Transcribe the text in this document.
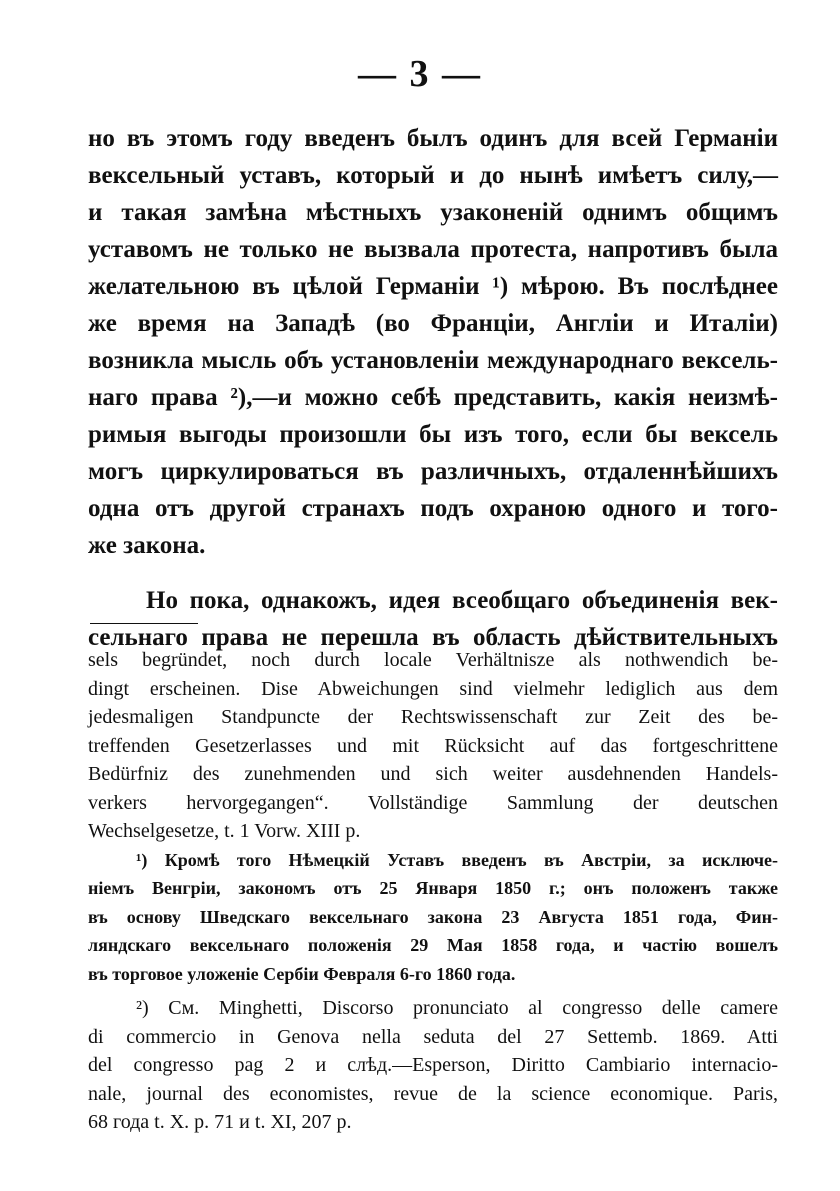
— 3 —
но въ этомъ году введенъ былъ одинъ для всей Германіи
вексельный уставъ, который и до нынѣ имѣетъ силу,—
и такая замѣна мѣстныхъ узаконеній однимъ общимъ
уставомъ не только не вызвала протеста, напротивъ была
желательною въ цѣлой Германіи ¹) мѣрою. Въ послѣднее
же время на Западѣ (во Франціи, Англіи и Италіи)
возникла мысль объ установленіи международнаго вексель-
наго права ²),—и можно себѣ представить, какія неизмѣ-
римыя выгоды произошли бы изъ того, если бы вексель
могъ циркулироваться въ различныхъ, отдаленнѣйшихъ
одна отъ другой странахъ подъ охраною одного и того-
же закона.
Но пока, однакожъ, идея всеобщаго объединенія век-
сельнаго права не перешла въ область дѣйствительныхъ
sels begründet, noch durch locale Verhältnisze als nothwendich be-
dingt erscheinen. Dise Abweichungen sind vielmehr lediglich aus dem
jedesmaligen Standpuncte der Rechtswissenschaft zur Zeit des be-
treffenden Gesetzerlasses und mit Rücksicht auf das fortgeschrittene
Bedürfniz des zunehmenden und sich weiter ausdehnenden Handels-
verkers hervorgegangen“. Vollständige Sammlung der deutschen
Wechselgesetze, t. 1 Vorw. XIII p.
¹) Кромѣ того Нѣмецкій Уставъ введенъ въ Австріи, за исключе-
ніемъ Венгріи, закономъ отъ 25 Января 1850 г.; онъ положенъ также
въ основу Шведскаго вексельнаго закона 23 Августа 1851 года, Фин-
ляндскаго вексельнаго положенія 29 Мая 1858 года, и частію вошелъ
въ торговое уложеніе Сербіи Февраля 6-го 1860 года.
²) См. Minghetti, Discorso pronunciato al congresso delle camere
di commercio in Genova nella seduta del 27 Settemb. 1869. Atti
del congresso pag 2 и слѣд.—Esperson, Diritto Cambiario internacio-
nale, journal des economistes, revue de la science economique. Paris,
68 года t. X. p. 71 и t. XI, 207 p.
